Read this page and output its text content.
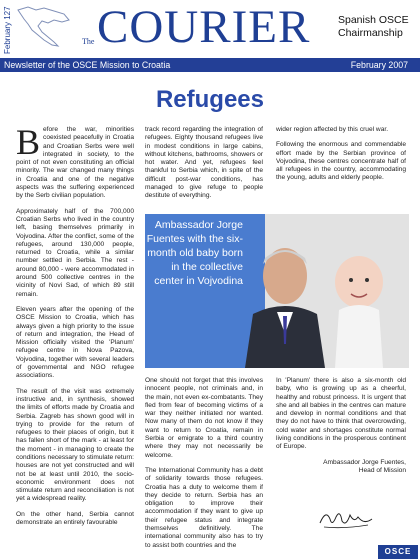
February 127	The COURIER	Spanish OSCE
Chairmanship
Newsletter of the OSCE Mission to Croatia	February 2007
Refugees

Before the war, minorities coexisted peacefully in Croatia and Croatian Serbs were well integrated in society, to the point of not even constituting an official minority. The war changed many things in Croatia and one of the negative aspects was the suffering experienced by the Serb civilian population.

Approximately half of the 700,000 Croatian Serbs who lived in the country left, basing themselves primarily in Vojvodina. After the conflict, some of the refugees, around 130,000 people, returned to Croatia, while a similar number settled in Serbia. The rest - around 80,000 - were accommodated in around 500 collective centres in the vicinity of Novi Sad, of which 89 still remain.

Eleven years after the opening of the OSCE Mission to Croatia, which has always given a high priority to the issue of return and integration, the Head of Mission officially visited the 'Planum' refugee centre in Nova Pazova, Vojvodina, together with several leaders of governmental and NGO refugee associations.

The result of the visit was extremely instructive and, in synthesis, showed the limits of efforts made by Croatia and Serbia. Zagreb has shown good will in trying to provide for the return of refugees to their places of origin, but it has fallen short of the mark - at least for the moment - in managing to create the conditions necessary to stimulate return: houses are not yet constructed and will not be at least until 2010, the socio-economic environment does not stimulate return and reconciliation is not yet a widespread reality.

On the other hand, Serbia cannot demonstrate an entirely favourable

track record regarding the integration of refugees. Eighty thousand refugees live in modest conditions in large cabins, without kitchens, bathrooms, showers or hot water. And yet, refugees feel thankful to Serbia which, in spite of the difficult post-war conditions, has managed to give refuge to people destitute of everything.

wider region affected by this cruel war.

Following the enormous and commendable effort made by the Serbian province of Vojvodina, these centres concentrate half of all refugees in the country, accommodating the young, adults and elderly people.

Ambassador Jorge Fuentes with the six-month old baby born in the collective center in Vojvodina

One should not forget that this involves innocent people, not criminals and, in the main, not even ex-combatants. They fled from fear of becoming victims of a war they neither initiated nor wanted. Now many of them do not know if they want to return to Croatia, remain in Serbia or emigrate to a third country where they may not necessarily be welcome.

The International Community has a debt of solidarity towards those refugees. Croatia has a duty to welcome them if they decide to return. Serbia has an obligation to improve their accommodation if they want to give up their refugee status and integrate themselves definitively. The international community also has to try to assist both countries and the

In 'Planum' there is also a six-month old baby, who is growing up as a cheerful, healthy and robust princess. It is urgent that she and all babies in the centres can mature and develop in normal conditions and that they do not have to think that overcrowding, cold water and shortages constitute normal living conditions in the prosperous continent of Europe.

Ambassador Jorge Fuentes,
Head of Mission

OSCE
